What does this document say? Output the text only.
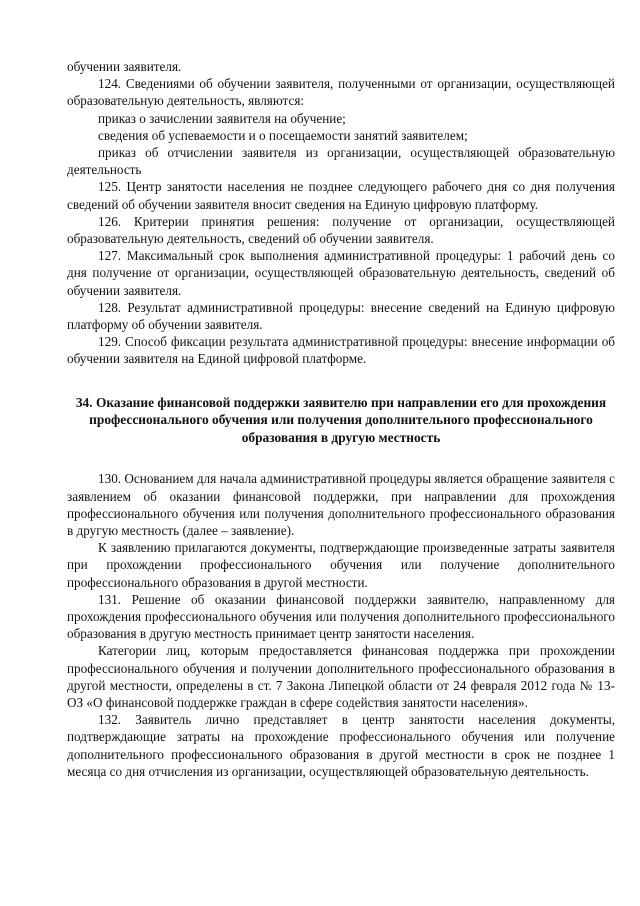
обучении заявителя.

124. Сведениями об обучении заявителя, полученными от организации, осуществляющей образовательную деятельность, являются:

приказ о зачислении заявителя на обучение;

сведения об успеваемости и о посещаемости занятий заявителем;

приказ об отчислении заявителя из организации, осуществляющей образовательную деятельность

125. Центр занятости населения не позднее следующего рабочего дня со дня получения сведений об обучении заявителя вносит сведения на Единую цифровую платформу.

126. Критерии принятия решения: получение от организации, осуществляющей образовательную деятельность, сведений об обучении заявителя.

127. Максимальный срок выполнения административной процедуры: 1 рабочий день со дня получение от организации, осуществляющей образовательную деятельность, сведений об обучении заявителя.

128. Результат административной процедуры: внесение сведений на Единую цифровую платформу об обучении заявителя.

129. Способ фиксации результата административной процедуры: внесение информации об обучении заявителя на Единой цифровой платформе.

34. Оказание финансовой поддержки заявителю при направлении его для прохождения профессионального обучения или получения дополнительного профессионального образования в другую местность

130. Основанием для начала административной процедуры является обращение заявителя с заявлением об оказании финансовой поддержки, при направлении для прохождения профессионального обучения или получения дополнительного профессионального образования в другую местность (далее – заявление).

К заявлению прилагаются документы, подтверждающие произведенные затраты заявителя при прохождении профессионального обучения или получение дополнительного профессионального образования в другой местности.

131. Решение об оказании финансовой поддержки заявителю, направленному для прохождения профессионального обучения или получения дополнительного профессионального образования в другую местность принимает центр занятости населения.

Категории лиц, которым предоставляется финансовая поддержка при прохождении профессионального обучения и получении дополнительного профессионального образования в другой местности, определены в ст. 7 Закона Липецкой области от 24 февраля 2012 года № 13-ОЗ «О финансовой поддержке граждан в сфере содействия занятости населения».

132. Заявитель лично представляет в центр занятости населения документы, подтверждающие затраты на прохождение профессионального обучения или получение дополнительного профессионального образования в другой местности в срок не позднее 1 месяца со дня отчисления из организации, осуществляющей образовательную деятельность.
